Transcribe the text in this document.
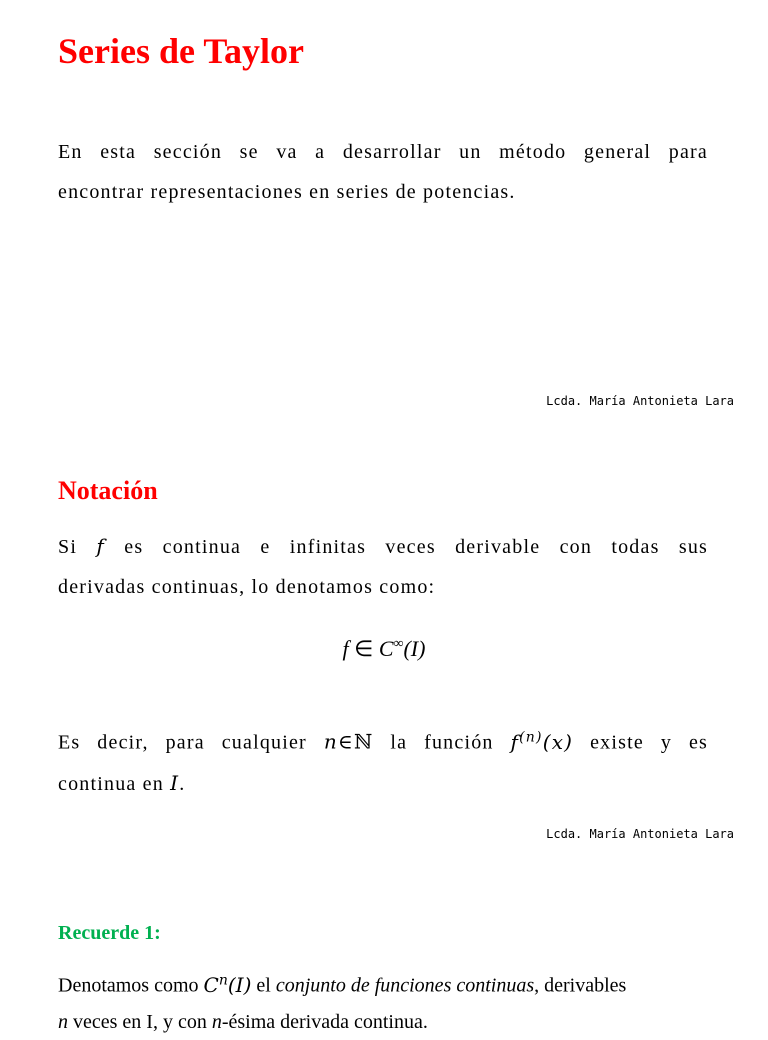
Series de Taylor

En esta sección se va a desarrollar un método general para
encontrar representaciones en series de potencias.

Lcda. María Antonieta Lara
Notación

Si f es continua e infinitas veces derivable con todas sus
derivadas continuas, lo denotamos como:

f ∈ C∞(I)

Es decir, para cualquier n∈ℕ la función $f^{(n)}(x)$ existe y es
continua en I.

Lcda. María Antonieta Lara
Recuerde 1:

Denotamos como $C^n(I)$ el conjunto de funciones continuas, derivables
n veces en I, y con n-ésima derivada continua.
